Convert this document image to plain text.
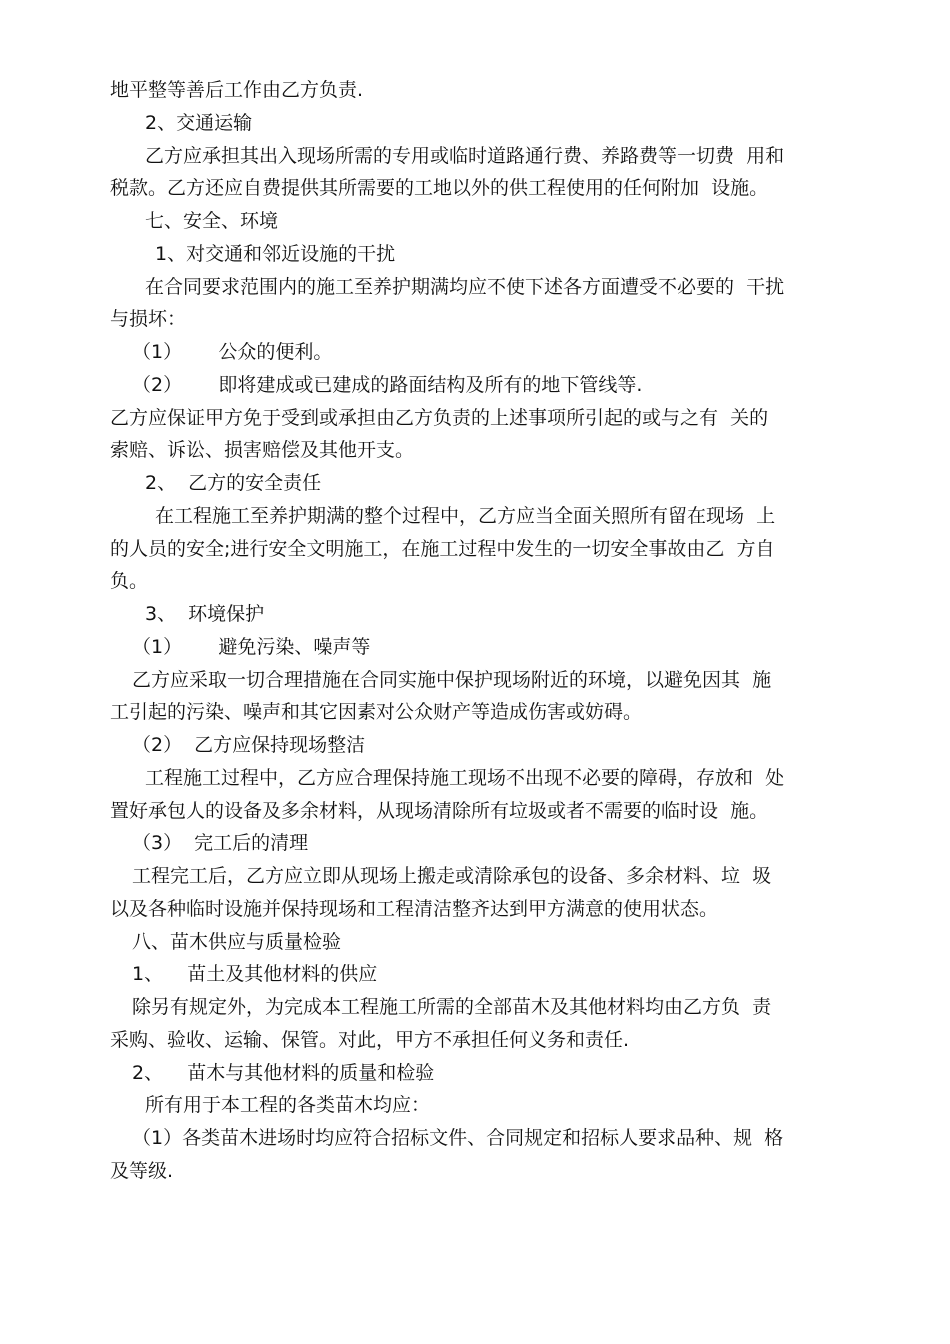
地平整等善后工作由乙方负责.
2、交通运输
乙方应承担其出入现场所需的专用或临时道路通行费、养路费等一切费  用和
税款。乙方还应自费提供其所需要的工地以外的供工程使用的任何附加  设施。
七、安全、环境
1、对交通和邻近设施的干扰
在合同要求范围内的施工至养护期满均应不使下述各方面遭受不必要的  干扰
与损坏：
（1）      公众的便利。
（2）      即将建成或已建成的路面结构及所有的地下管线等.
乙方应保证甲方免于受到或承担由乙方负责的上述事项所引起的或与之有  关的
索赔、诉讼、损害赔偿及其他开支。
2、  乙方的安全责任
在工程施工至养护期满的整个过程中，乙方应当全面关照所有留在现场  上
的人员的安全;进行安全文明施工，在施工过程中发生的一切安全事故由乙  方自
负。
3、  环境保护
（1）      避免污染、噪声等
乙方应采取一切合理措施在合同实施中保护现场附近的环境，以避免因其  施
工引起的污染、噪声和其它因素对公众财产等造成伤害或妨碍。
（2）  乙方应保持现场整洁
工程施工过程中，乙方应合理保持施工现场不出现不必要的障碍，存放和  处
置好承包人的设备及多余材料，从现场清除所有垃圾或者不需要的临时设  施。
（3）  完工后的清理
工程完工后，乙方应立即从现场上搬走或清除承包的设备、多余材料、垃  圾
以及各种临时设施并保持现场和工程清洁整齐达到甲方满意的使用状态。
八、苗木供应与质量检验
1、    苗土及其他材料的供应
除另有规定外，为完成本工程施工所需的全部苗木及其他材料均由乙方负  责
采购、验收、运输、保管。对此，甲方不承担任何义务和责任.
2、    苗木与其他材料的质量和检验
所有用于本工程的各类苗木均应：
（1）各类苗木进场时均应符合招标文件、合同规定和招标人要求品种、规  格
及等级.
